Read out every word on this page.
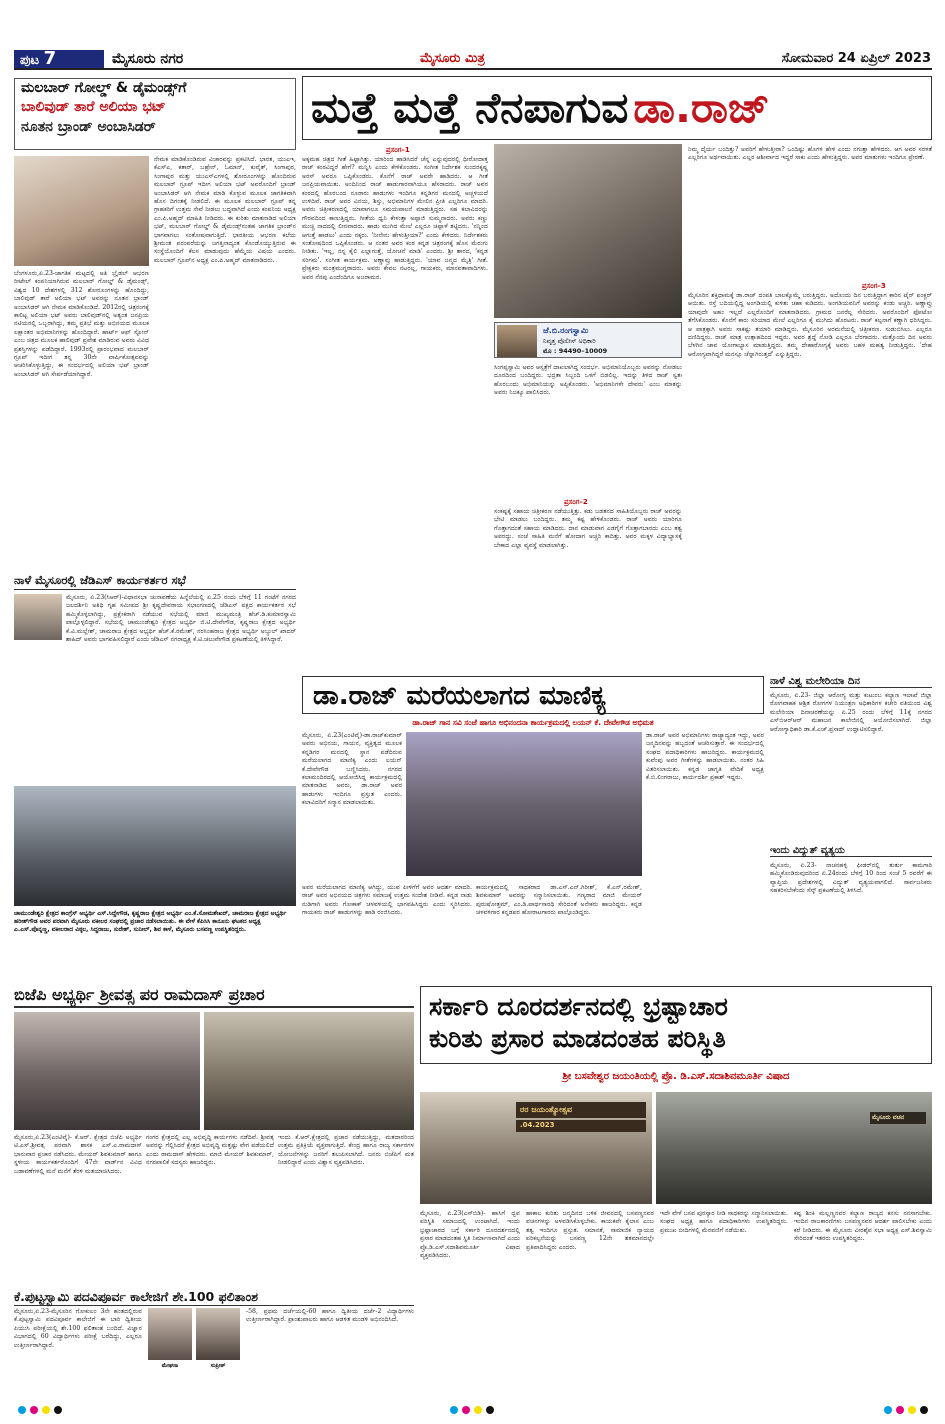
ಪುಟ 7	ಮೈಸೂರು ನಗರ	ಮೈಸೂರು ಮಿತ್ರ	ಸೋಮವಾರ 24 ಏಪ್ರಿಲ್ 2023
ಮಲಬಾರ್ ಗೋಲ್ಡ್ & ಡೈಮಂಡ್ಸ್‌ಗೆ
ಬಾಲಿವುಡ್ ತಾರೆ ಅಲಿಯಾ ಭಟ್
ನೂತನ ಬ್ರಾಂಡ್ ಅಂಬಾಸಿಡರ್
ಬೆಂಗಳೂರು,ಏ.23-ಜಾಗತಿಕ ಮಟ್ಟದಲ್ಲಿ ಅತಿ ಬ್ರೈಡಲ್ ಆಭರಣ ರೀಟೇಲ್ ಕಂಪನಿಯಾಗಿರುವ ಮಲಬಾರ್ ಗೋಲ್ಡ್ & ಡೈಮಂಡ್ಸ್, ವಿಶ್ವದ 10 ದೇಶಗಳಲ್ಲಿ 312 ಶೋರೂಂಗಳನ್ನು ಹೊಂದಿದ್ದು, ಬಾಲಿವುಡ್ ತಾರೆ ಅಲಿಯಾ ಭಟ್ ಅವರನ್ನು ನೂತನ ಬ್ರಾಂಡ್ ಅಂಬಾಸಿಡರ್ ಆಗಿ ನೇಮಕ ಮಾಡಿಕೊಂಡಿದೆ. 2012ರಲ್ಲಿ ಚಿತ್ರರಂಗಕ್ಕೆ ಕಾಲಿಟ್ಟ ಅಲಿಯಾ ಭಟ್ ಅವರು ಬಾಲಿವುಡ್‌ನಲ್ಲಿ ಅತ್ಯಂತ ಜನಪ್ರಿಯ ನಟಿಯರಲ್ಲಿ ಒಬ್ಬರಾಗಿದ್ದು, ತಮ್ಮ ಪ್ರತಿಭೆ ಮತ್ತು ಅಭಿನಯದ ಮೂಲಕ ಲಕ್ಷಾಂತರ ಅಭಿಮಾನಿಗಳನ್ನು ಹೊಂದಿದ್ದಾರೆ. ಹಾರ್ಟ್ ಆಫ್ ಸ್ಟೋನ್ ಎಂಬ ಚಿತ್ರದ ಮೂಲಕ ಹಾಲಿವುಡ್ ಪ್ರವೇಶ ಮಾಡಿರುವ ಅವರು ವಿವಿಧ ಪ್ರಶಸ್ತಿಗಳನ್ನು ಪಡೆದಿದ್ದಾರೆ. 1993ರಲ್ಲಿ ಪ್ರಾರಂಭವಾದ ಮಲಬಾರ್ ಗ್ರೂಪ್ ಇದೀಗ ತನ್ನ 30ನೇ ವಾರ್ಷಿಕೋತ್ಸವವನ್ನು ಆಚರಿಸಿಕೊಳ್ಳುತ್ತಿದ್ದು, ಈ ಸಂದರ್ಭದಲ್ಲಿ ಅಲಿಯಾ ಭಟ್ ಬ್ರಾಂಡ್ ಅಂಬಾಸಿಡರ್ ಆಗಿ ಸೇರ್ಪಡೆಯಾಗಿದ್ದಾರೆ.
ನೇಮಕ ಮಾಡಿಕೊಂಡಿರುವ ವಿಚಾರವನ್ನು ಪ್ರಕಟಿಸಿದೆ. ಭಾರತ, ಯುಎಇ, ಕೆಎಸ್‌ಎ, ಕತಾರ್, ಬಹ್ರೇನ್, ಓಮಾನ್, ಕುವೈತ್, ಸಿಂಗಾಪುರ, ಸಿಂಗಾಪುರ ಮತ್ತು ಯುಎಸ್‌ಎಗಳಲ್ಲಿ ಶೋರೂಂಗಳನ್ನು ಹೊಂದಿರುವ ಮಲಬಾರ್ ಗ್ರೂಪ್ ಇದೀಗ ಅಲಿಯಾ ಭಟ್ ಅವರೊಂದಿಗೆ ಬ್ರಾಂಡ್ ಅಂಬಾಸಿಡರ್ ಆಗಿ ನೇಮಕ ಮಾಡಿ ಕೊಳ್ಳುವ ಮೂಲಕ ಜಾಗತಿಕವಾಗಿ ಹೊಸ ದಿಗಂತಕ್ಕೆ ನೀಡಲಿದೆ. ಈ ಮೂಲಕ ಮಲಬಾರ್ ಗ್ರೂಪ್ ತನ್ನ ಗ್ರಾಹಕರಿಗೆ ಉತ್ತಮ ಸೇವೆ ನೀಡಲು ಬದ್ಧವಾಗಿದೆ ಎಂದು ಕಂಪನಿಯ ಅಧ್ಯಕ್ಷ ಎಂ.ಪಿ.ಅಹ್ಮದ್ ಮಾಹಿತಿ ನೀಡಿದರು. ಈ ಕುರಿತು ಮಾತನಾಡಿದ ಅಲಿಯಾ ಭಟ್, ಮಲಬಾರ್ ಗೋಲ್ಡ್ & ಡೈಮಂಡ್ಸ್‌ನಂತಹ ಜಾಗತಿಕ ಬ್ರಾಂಡ್‌ನ ಭಾಗವಾಗಲು ಸಂತೋಷವಾಗುತ್ತಿದೆ. ಭಾರತೀಯ ಆಭರಣ ಕಲೆಯ ಶ್ರೀಮಂತ ಪರಂಪರೆಯನ್ನು ಜಗತ್ತಿನಾದ್ಯಂತ ಕೊಂಡೊಯ್ಯುತ್ತಿರುವ ಈ ಸಂಸ್ಥೆಯೊಂದಿಗೆ ಕೆಲಸ ಮಾಡುವುದು ಹೆಮ್ಮೆಯ ವಿಷಯ ಎಂದರು. ಮಲಬಾರ್ ಗ್ರೂಪ್‌ನ ಅಧ್ಯಕ್ಷ ಎಂ.ಪಿ.ಅಹ್ಮದ್ ಮಾತನಾಡಿದರು.
ನಾಳೆ ಮೈಸೂರಲ್ಲಿ ಜೆಡಿಎಸ್ ಕಾರ್ಯಕರ್ತರ ಸಭೆ
ಮೈಸೂರು, ಏ.23(ಸಿಆರ್)-ವಿಧಾನಸಭಾ ಚುನಾವಣೆಯ ಹಿನ್ನೆಲೆಯಲ್ಲಿ ಏ.25 ರಂದು ಬೆಳಿಗ್ಗೆ 11 ಗಂಟೆಗೆ ನಗರದ ಜಲದರ್ಶಿನಿ ಅತಿಥಿ ಗೃಹ ಸಮೀಪದ ಶ್ರೀ ಕೃಷ್ಣದೇವರಾಯ ಸಭಾಂಗಣದಲ್ಲಿ ಜೆಡಿಎಸ್ ಪಕ್ಷದ ಕಾರ್ಯಕರ್ತರ ಸಭೆ ಹಮ್ಮಿಕೊಳ್ಳಲಾಗಿದ್ದು, ಪ್ರಕ್ಷೇಕರಾಗಿ ನಡೆಯುವ ಸಭೆಯಲ್ಲಿ ಮಾಜಿ ಮುಖ್ಯಮಂತ್ರಿ ಹೆಚ್.ಡಿ.ಕುಮಾರಸ್ವಾಮಿ ಪಾಲ್ಗೊಳ್ಳಲಿದ್ದಾರೆ. ಸಭೆಯಲ್ಲಿ ಚಾಮುಂಡೇಶ್ವರಿ ಕ್ಷೇತ್ರದ ಅಭ್ಯರ್ಥಿ ಜಿ.ಟಿ.ದೇವೇಗೌಡ, ಕೃಷ್ಣರಾಜ ಕ್ಷೇತ್ರದ ಅಭ್ಯರ್ಥಿ ಕೆ.ವಿ.ಮಲ್ಲೇಶ್, ಚಾಮರಾಜ ಕ್ಷೇತ್ರದ ಅಭ್ಯರ್ಥಿ ಹೆಚ್.ಕೆ.ರಮೇಶ್, ನರಸಿಂಹರಾಜ ಕ್ಷೇತ್ರದ ಅಭ್ಯರ್ಥಿ ಅಬ್ದುಲ್ ಖಾದರ್ ಶಾಹಿದ್ ಅವರು ಭಾಗವಹಿಸಲಿದ್ದಾರೆ ಎಂದು ಜೆಡಿಎಸ್ ನಗರಾಧ್ಯಕ್ಷ ಕೆ.ಟಿ.ಚಲುವೇಗೌಡ ಪ್ರಕಟಣೆಯಲ್ಲಿ ತಿಳಿಸಿದ್ದಾರೆ.
ಚಾಮುಂಡೇಶ್ವರಿ ಕ್ಷೇತ್ರದ ಕಾಂಗ್ರೆಸ್ ಅಭ್ಯರ್ಥಿ ಎಸ್.ಸಿದ್ದೇಗೌಡ, ಕೃಷ್ಣರಾಜ ಕ್ಷೇತ್ರದ ಅಭ್ಯರ್ಥಿ ಎಂ.ಕೆ.ಸೋಮಶೇಖರ್, ಚಾಮರಾಜ ಕ್ಷೇತ್ರದ ಅಭ್ಯರ್ಥಿ ಹರೀಶ್‌ಗೌಡ ಅವರ ಪರವಾಗಿ ಮೈಸೂರು ವಕೀಲರ ಸಂಘದಲ್ಲಿ ಪ್ರಚಾರ ನಡೆಸಲಾಯಿತು. ಈ ವೇಳೆ ಕೆಪಿಸಿಸಿ ಕಾನೂನು ಘಟಕದ ಅಧ್ಯಕ್ಷ ಎ.ಎಸ್.ಪೊನ್ನಣ್ಣ, ವಕೀಲರಾದ ವಿಠ್ಠಲ, ಸಿದ್ಧರಾಜು, ಸುರೇಶ್, ಸುನೀಲ್, ಶಿವ ಕಾಳೆ, ಮೈಸೂರು ಬಸವಣ್ಣ ಉಪಸ್ಥಿತರಿದ್ದರು.
ಮತ್ತೆ ಮತ್ತೆ ನೆನಪಾಗುವ ಡಾ.ರಾಜ್
ಪ್ರಸಂಗ–1
ಅಕ್ಕಮಹ ಚಿತ್ರದ ಗೀತೆ ಹಿಟ್ಟಾಗಿತ್ತು. ಯಾರಿಂದ ಹಾಡಿಸಿದರೆ ಚೆನ್ನ ಎನ್ನುವುದರಲ್ಲಿ ಧೀರೋದಾತ್ತ ರಾಜ್ ಕಂಠವಿದ್ದರೆ ಹೇಗೆ? ಮನ್ನಿಸಿ ಎಂದು ಕೇಳಿಕೊಂಡರು. ಸಂಗೀತ ನಿರ್ದೇಶಕ ಸುಂದರಕೃಷ್ಣ ಅರಸ್ ಅವರೂ ಒಪ್ಪಿಕೊಂಡರು. ಕೊನೆಗೆ ರಾಜ್ ಅವರೇ ಹಾಡಿದರು. ಆ ಗೀತೆ ಜನಪ್ರಿಯವಾಯಿತು. ಅಂದಿನಿಂದ ರಾಜ್ ಹಾಡುಗಾರನಾಗಿಯೂ ಹೆಸರಾದರು. ರಾಜ್ ಅವರ ಕಂಠದಲ್ಲಿ ಹೊರಬಂದ ನೂರಾರು ಹಾಡುಗಳು ಇಂದಿಗೂ ಕನ್ನಡಿಗರ ಮನದಲ್ಲಿ ಅಚ್ಚಳಿಯದೆ ಉಳಿದಿವೆ. ರಾಜ್ ಅವರ ವಿನಯ, ಶಿಸ್ತು, ಅಭಿಮಾನಿಗಳ ಮೇಲಿನ ಪ್ರೀತಿ ಎಲ್ಲರಿಗೂ ಮಾದರಿ. ಅವರು ಚಿತ್ರೀಕರಣದಲ್ಲಿ ಯಾವಾಗಲೂ ಸಮಯಪಾಲನೆ ಮಾಡುತ್ತಿದ್ದರು. ಸಹ ಕಲಾವಿದರನ್ನು ಗೌರವದಿಂದ ಕಾಣುತ್ತಿದ್ದರು. ಗೀತೆಯ ಧ್ವನಿ ಕೇಳುತ್ತಾ ಅಪ್ಪಾಜಿ ಸುಮ್ಮನಾದರು. ಅವರು ಕಣ್ಣು ಮುಚ್ಚಿ ನಾದದಲ್ಲಿ ಲೀನವಾದರು. ಹಾಡು ಮುಗಿದ ಮೇಲೆ ಎಲ್ಲರೂ ಚಪ್ಪಾಳೆ ತಟ್ಟಿದರು. 'ನನ್ನಿಂದ ಆಗುತ್ತೆ ಹಾಡಲು' ಎಂದು ನಕ್ಕರು. 'ನೀನೇನು ಹೇಳುತ್ತೀಯಾ?' ಎಂದು ಕೇಳಿದರು. ನಿರ್ದೇಶಕರು ಸಂತೋಷದಿಂದ ಒಪ್ಪಿಕೊಂಡರು. ಆ ನಂತರ ಅವರ ಕಂಠ ಕನ್ನಡ ಚಿತ್ರರಂಗಕ್ಕೆ ಹೊಸ ಮೆರುಗು ನೀಡಿತು. 'ಇಲ್ಲ, ನನ್ನ ಕೈಲಿ ಎಲ್ಲಾಗುತ್ತೆ, ಯೋಚನೆ ಮಾಡಿ' ಎಂದರು. ಶ್ರೀ ಶಾರದ, 'ಕನ್ನಡ ಸರಿಗಮ'. ಸಂಗೀತ ಕಾರ್ಯಕ್ರಮ. ಅಣ್ಣಾವ್ರು ಹಾಡುತ್ತಿದ್ದರು. 'ಯಾವ ಜನ್ಮದ ಮೈತ್ರಿ' ಗೀತೆ. ಪ್ರೇಕ್ಷಕರು ಮಂತ್ರಮುಗ್ಧರಾದರು. ಅವರು ಕೇವಲ ನಟರಲ್ಲ, ಗಾಯಕರು, ಮಾನವತಾವಾದಿಗಳು. ಅವರ ನೆನಪು ಎಂದೆಂದಿಗೂ ಅಜರಾಮರ.
ಜೆ.ಬಿ.ರಂಗಸ್ವಾಮಿ
ನಿವೃತ್ತ ಪೊಲೀಸ್ ಅಧಿಕಾರಿ
ಮೊ : 94490–10009
ಸಿಂಗಪ್ಪಸ್ವಾಮಿ ಅವರ ಆಸ್ಪತ್ರೆಗೆ ದಾಖಲಾಗಿದ್ದ ಸಂದರ್ಭ. ಅಭಿಮಾನಿಯೊಬ್ಬರು ಅವರನ್ನು ನೋಡಲು ದೂರದಿಂದ ಬಂದಿದ್ದರು. ಭದ್ರತಾ ಸಿಬ್ಬಂದಿ ಒಳಗೆ ಬಿಡಲಿಲ್ಲ. ಇದನ್ನು ತಿಳಿದ ರಾಜ್ ಸ್ವತಃ ಹೊರಬಂದು ಅಭಿಮಾನಿಯನ್ನು ಅಪ್ಪಿಕೊಂಡರು. 'ಅಭಿಮಾನಿಗಳೇ ದೇವರು' ಎಂಬ ಮಾತನ್ನು ಅವರು ನಿಜಕ್ಕೂ ಪಾಲಿಸಿದರು.
ಪ್ರಸಂಗ–2
ಸಂಕಷ್ಟಕ್ಕೆ ಸಹಾಯ ಚಿತ್ರೀಕರಣ ನಡೆಯುತ್ತಿತ್ತು. ಕಡು ಬಡತನದ ಸಾಹಿತಿಯೊಬ್ಬರು ರಾಜ್ ಅವರನ್ನು ಭೇಟಿ ಮಾಡಲು ಬಂದಿದ್ದರು. ತಮ್ಮ ಕಷ್ಟ ಹೇಳಿಕೊಂಡರು. ರಾಜ್ ಅವರು ಯಾರಿಗೂ ಗೊತ್ತಾಗದಂತೆ ಸಹಾಯ ಮಾಡಿದರು. ದಾನ ಮಾಡುವಾಗ ಎಡಗೈಗೆ ಗೊತ್ತಾಗಬಾರದು ಎಂಬ ತತ್ವ ಅವರದ್ದು. ಸಂಜೆ ಸಾಹಿತಿ ಮನೆಗೆ ಹೋದಾಗ ಅಚ್ಚರಿ ಕಾದಿತ್ತು. ಅವರ ಮಕ್ಕಳ ವಿದ್ಯಾಭ್ಯಾಸಕ್ಕೆ ಬೇಕಾದ ಎಲ್ಲಾ ವ್ಯವಸ್ಥೆ ಮಾಡಲಾಗಿತ್ತು.
ನಿಮ್ಮ ದೈರ್ಯ ಬಂದಿತ್ತು? ಅವರಿಗೆ ಹೇಳುತ್ತೀರಾ? ಒಂದಿಷ್ಟು ಹೊಗಳಿ ಹೇಳಿ ಎಂದು ನಗುತ್ತಾ ಹೇಳಿದರು. ಆಗ ಅವರ ಸರಳತೆ ಎಲ್ಲರಿಗೂ ಅರ್ಥವಾಯಿತು. ಎಲ್ಲರ ಆಶೀರ್ವಾದ ಇದ್ದರೆ ಸಾಕು ಎಂದು ಹೇಳುತ್ತಿದ್ದರು. ಅವರ ಮಾತುಗಳು ಇಂದಿಗೂ ಪ್ರೇರಣೆ.
ಪ್ರಸಂಗ–3
ಮೈಸೂರಿನ ಶಕ್ತಿಧಾಮಕ್ಕೆ ಡಾ.ರಾಜ್ ದಂಪತಿ ಬಾಲಕ್ಕೊಮ್ಮೆ ಬರುತ್ತಿದ್ದರು. ಅದೊಂದು ದಿನ ಬರುತ್ತಿದ್ದಾಗ ಕಾರಿನ ಟೈರ್ ಪಂಕ್ಚರ್ ಆಯಿತು. ರಸ್ತೆ ಬದಿಯಲ್ಲಿದ್ದ ಅಂಗಡಿಯಲ್ಲಿ ಕುಳಿತು ಚಹಾ ಕುಡಿದರು. ಅಂಗಡಿಯವನಿಗೆ ಅವರನ್ನು ಕಂಡು ಅಚ್ಚರಿ. ಅಣ್ಣಾವ್ರು ಯಾವುದೇ ಅಹಂ ಇಲ್ಲದೆ ಎಲ್ಲರೊಂದಿಗೆ ಮಾತನಾಡಿದರು. ಗ್ರಾಮದ ಜನರೆಲ್ಲ ಸೇರಿದರು. ಅವರೊಂದಿಗೆ ಫೋಟೋ ತೆಗೆಸಿಕೊಂಡರು. ಕೊನೆಗೆ ಕಾರು ಸರಿಯಾದ ಮೇಲೆ ಎಲ್ಲರಿಗೂ ಕೈ ಮುಗಿದು ಹೊರಟರು. ರಾಜ್ ಕಲ್ಪನಾಗೆ ಕಣ್ಣಾಗಿ ಧರಿಸಿದ್ದರು. ಆ ಪಾತ್ರಕ್ಕಾಗಿ ಅವರು ಸಾಕಷ್ಟು ತಯಾರಿ ಮಾಡಿದ್ದರು. ಮೈಸೂರಿನ ಅರಮನೆಯಲ್ಲಿ ಚಿತ್ರೀಕರಣ. ಸುಡುಬಿಸಿಲು. ಎಲ್ಲರೂ ದಣಿದಿದ್ದರು. ರಾಜ್ ಮಾತ್ರ ಉತ್ಸಾಹದಿಂದ ಇದ್ದರು. ಅವರ ಶ್ರದ್ಧೆ ನೋಡಿ ಎಲ್ಲರೂ ಬೆರಗಾದರು. ಮತ್ತೊಂದು ದಿನ ಅವರು ಬೆಳಗಿನ ಜಾವ ಯೋಗಾಭ್ಯಾಸ ಮಾಡುತ್ತಿದ್ದರು. ತಮ್ಮ ದೇಹಾರೋಗ್ಯಕ್ಕೆ ಅವರು ಬಹಳ ಮಹತ್ವ ನೀಡುತ್ತಿದ್ದರು. 'ದೇಹ ಆರೋಗ್ಯವಾಗಿದ್ದರೆ ಮನಸ್ಸೂ ಚೆನ್ನಾಗಿರುತ್ತದೆ' ಎನ್ನುತ್ತಿದ್ದರು.
ಡಾ.ರಾಜ್ ಮರೆಯಲಾಗದ ಮಾಣಿಕ್ಯ
ಡಾ.ರಾಜ್ ಗಾನ ಸವಿ ಸಂಜೆ ಹಾಗೂ ಅಭಿನಂದನಾ ಕಾರ್ಯಕ್ರಮದಲ್ಲಿ ಲಯನ್ ಕೆ. ದೇವೇಗೌಡ ಅಭಿಮತ
ಮೈಸೂರು, ಏ.23(ಎಂಟಿವೈ)-ಡಾ.ರಾಜ್‌ಕುಮಾರ್ ಅವರು ಅಭಿನಯ, ಗಾಯನ, ವ್ಯಕ್ತಿತ್ವದ ಮೂಲಕ ಕನ್ನಡಿಗರ ಮನದಲ್ಲಿ ಸ್ಥಾನ ಪಡೆದಿರುವ ಮರೆಯಲಾಗದ ಮಾಣಿಕ್ಯ ಎಂದು ಲಯನ್ ಕೆ.ದೇವೇಗೌಡ ಬಣ್ಣಿಸಿದರು. ನಗರದ ಕಲಾಮಂದಿರದಲ್ಲಿ ಆಯೋಜಿಸಿದ್ದ ಕಾರ್ಯಕ್ರಮದಲ್ಲಿ ಮಾತನಾಡಿದ ಅವರು, ಡಾ.ರಾಜ್ ಅವರ ಹಾಡುಗಳು ಇಂದಿಗೂ ಪ್ರಸ್ತುತ ಎಂದರು. ಕಲಾವಿದರಿಗೆ ಸನ್ಮಾನ ಮಾಡಲಾಯಿತು.
ಡಾ.ರಾಜ್ ಅವರ ಅಭಿಮಾನಿಗಳು ರಾಜ್ಯಾದ್ಯಂತ ಇದ್ದು, ಅವರ ಜನ್ಮದಿನವನ್ನು ಹಬ್ಬದಂತೆ ಆಚರಿಸುತ್ತಾರೆ. ಈ ಸಂದರ್ಭದಲ್ಲಿ ಸಂಘದ ಪದಾಧಿಕಾರಿಗಳು ಹಾಜರಿದ್ದರು. ಕಾರ್ಯಕ್ರಮದಲ್ಲಿ ಕುವೆಂಪು ಅವರ ಗೀತೆಗಳನ್ನು ಹಾಡಲಾಯಿತು. ನಂತರ ಸಿಹಿ ವಿತರಿಸಲಾಯಿತು. ಕನ್ನಡ ಜಾಗೃತಿ ವೇದಿಕೆ ಅಧ್ಯಕ್ಷ ಕೆ.ಬಿ.ಲಿಂಗರಾಜು, ಕಾರ್ಯದರ್ಶಿ ಪ್ರಕಾಶ್ ಇದ್ದರು.
ಅವರ ಮರೆಯಲಾಗದ ಮಾಣಿಕ್ಯ ಆಗಿದ್ದು, ಯುವ ಪೀಳಿಗೆಗೆ ಅವರ ಆದರ್ಶ ಮಾದರಿ. ರಾಜ್ ಅವರ ಅಭಿನಯದ ಚಿತ್ರಗಳು ಸಮಾಜಕ್ಕೆ ಉತ್ತಮ ಸಂದೇಶ ನೀಡಿವೆ. ಕನ್ನಡ ನಾಡು ನುಡಿಗಾಗಿ ಅವರು ಗೋಕಾಕ್ ಚಳವಳಿಯಲ್ಲಿ ಭಾಗವಹಿಸಿದ್ದರು ಎಂದು ಸ್ಮರಿಸಿದರು. ಗಾಯಕರು ರಾಜ್ ಹಾಡುಗಳನ್ನು ಹಾಡಿ ರಂಜಿಸಿದರು.
ಕಾರ್ಯಕ್ರಮದಲ್ಲಿ ಸಾಧಕರಾದ ಡಾ.ಎಸ್.ಎನ್.ಗಿರೀಶ್, ಕೆ.ಎನ್.ರಮೇಶ್, ಶಿವಕುಮಾರ್ ಅವರನ್ನು ಸನ್ಮಾನಿಸಲಾಯಿತು. ಗಣ್ಯರಾದ ಮಾಜಿ ಮೇಯರ್ ಪುರುಷೋತ್ತಮ್, ಎಂ.ಡಿ.ಪಾರ್ಥಸಾರಥಿ ಸೇರಿದಂತೆ ಅನೇಕರು ಹಾಜರಿದ್ದರು. ಕನ್ನಡ ಚಳವಳಿಗಾರ ಕನ್ನಡಪರ ಹೋರಾಟಗಾರರು ಪಾಲ್ಗೊಂಡಿದ್ದರು.
ನಾಳೆ ವಿಶ್ವ ಮಲೇರಿಯಾ ದಿನ
ಮೈಸೂರು, ಏ.23- ಜಿಲ್ಲಾ ಆರೋಗ್ಯ ಮತ್ತು ಕುಟುಂಬ ಕಲ್ಯಾಣ ಇಲಾಖೆ ಜಿಲ್ಲಾ ರೋಗವಾಹಕ ಆಶ್ರಿತ ರೋಗಗಳ ನಿಯಂತ್ರಣ ಅಧಿಕಾರಿಗಳ ಕಚೇರಿ ವತಿಯಿಂದ ವಿಶ್ವ ಮಲೇರಿಯಾ ದಿನಾಚರಣೆಯನ್ನು ಏ.25 ರಂದು ಬೆಳಿಗ್ಗೆ 11ಕ್ಕೆ ನಗರದ ಎಸ್‌ಬಿಆರ್‌ಆರ್ ಮಹಾಜನ ಕಾಲೇಜಿನಲ್ಲಿ ಆಯೋಜಿಸಲಾಗಿದೆ. ಜಿಲ್ಲಾ ಆರೋಗ್ಯಾಧಿಕಾರಿ ಡಾ.ಕೆ.ಎಚ್.ಪ್ರಸಾದ್ ಉದ್ಘಾಟಿಸಲಿದ್ದಾರೆ.
ಇಂದು ವಿದ್ಯುತ್ ವ್ಯತ್ಯಯ
ಮೈಸೂರು, ಏ.23- ನಾಚನಹಳ್ಳಿ ಫೀಡರ್‌ನಲ್ಲಿ ತುರ್ತು ಕಾಮಗಾರಿ ಹಮ್ಮಿಕೊಂಡಿರುವುದರಿಂದ ಏ.24ರಂದು ಬೆಳಿಗ್ಗೆ 10 ರಿಂದ ಸಂಜೆ 5 ರವರೆಗೆ ಈ ವ್ಯಾಪ್ತಿಯ ಪ್ರದೇಶಗಳಲ್ಲಿ ವಿದ್ಯುತ್ ವ್ಯತ್ಯಯವಾಗಲಿದೆ. ಸಾರ್ವಜನಿಕರು ಸಹಕರಿಸಬೇಕೆಂದು ಸೆಸ್ಕ್ ಪ್ರಕಟಣೆಯಲ್ಲಿ ತಿಳಿಸಿದೆ.
ಬಿಜೆಪಿ ಅಭ್ಯರ್ಥಿ ಶ್ರೀವತ್ಸ ಪರ ರಾಮದಾಸ್ ಪ್ರಚಾರ
ಮೈಸೂರು,ಏ.23(ಎಂಟಿವೈ)- ಕೆ.ಆರ್. ಕ್ಷೇತ್ರದ ಬಿಜೆಪಿ ಅಭ್ಯರ್ಥಿ ಟಿ.ಎಸ್.ಶ್ರೀವತ್ಸ ಪರವಾಗಿ ಶಾಸಕ ಎಸ್.ಎ.ರಾಮದಾಸ್ ಭಾನುವಾರ ಪ್ರಚಾರ ನಡೆಸಿದರು. ಮೇಯರ್ ಶಿವಕುಮಾರ್ ಹಾಗೂ ಸ್ಥಳೀಯ ಕಾರ್ಯಕರ್ತರೊಂದಿಗೆ 47ನೇ ವಾರ್ಡ್‌ನ ವಿವಿಧ ಬಡಾವಣೆಗಳಲ್ಲಿ ಮನೆ ಮನೆಗೆ ತೆರಳಿ ಮತಯಾಚಿಸಿದರು.
ಗಂಗರ ಕ್ಷೇತ್ರದಲ್ಲಿ ಎಲ್ಲ ಅಭಿವೃದ್ಧಿ ಕಾರ್ಯಗಳು ನಡೆದಿವೆ. ಶ್ರೀವತ್ಸ ಅವರನ್ನು ಗೆಲ್ಲಿಸಿದರೆ ಕ್ಷೇತ್ರದ ಅಭಿವೃದ್ಧಿ ಮತ್ತಷ್ಟು ವೇಗ ಪಡೆಯಲಿದೆ ಎಂದು ರಾಮದಾಸ್ ಹೇಳಿದರು. ಮಾಜಿ ಮೇಯರ್ ಶಿವಕುಮಾರ್, ನಗರಪಾಲಿಕೆ ಸದಸ್ಯರು ಹಾಜರಿದ್ದರು.
ಇಂದು ಕೆ.ಆರ್.ಕ್ಷೇತ್ರದಲ್ಲಿ ಪ್ರಚಾರ ನಡೆಯುತ್ತಿದ್ದು, ಮತದಾರರಿಂದ ಉತ್ತಮ ಪ್ರತಿಕ್ರಿಯೆ ವ್ಯಕ್ತವಾಗುತ್ತಿದೆ. ಕೇಂದ್ರ ಹಾಗೂ ರಾಜ್ಯ ಸರ್ಕಾರಗಳ ಯೋಜನೆಗಳನ್ನು ಜನರಿಗೆ ತಲುಪಿಸಲಾಗಿದೆ. ಜನರು ಬಿಜೆಪಿಗೆ ಮತ ನೀಡಲಿದ್ದಾರೆ ಎಂದು ವಿಶ್ವಾಸ ವ್ಯಕ್ತಪಡಿಸಿದರು.
ಕೆ.ಪುಟ್ಟಸ್ವಾಮಿ ಪದವಿಪೂರ್ವ ಕಾಲೇಜಿಗೆ ಶೇ.100 ಫಲಿತಾಂಶ
ಮೈಸೂರು,ಏ.23-ಮೈಸೂರಿನ ಗೋಕುಲಂ 3ನೇ ಹಂತದಲ್ಲಿರುವ ಕೆ.ಪುಟ್ಟಸ್ವಾಮಿ ಪದವಿಪೂರ್ವ ಕಾಲೇಜಿಗೆ ಈ ಬಾರಿ ದ್ವಿತೀಯ ಪಿಯುಸಿ ಪರೀಕ್ಷೆಯಲ್ಲಿ ಶೇ.100 ಫಲಿತಾಂಶ ಬಂದಿದೆ. ವಿಜ್ಞಾನ ವಿಭಾಗದಲ್ಲಿ 60 ವಿದ್ಯಾರ್ಥಿಗಳು ಪರೀಕ್ಷೆ ಬರೆದಿದ್ದು, ಎಲ್ಲರೂ ಉತ್ತೀರ್ಣರಾಗಿದ್ದಾರೆ.
ಮೇಘನಾ	ಸುಪ್ರೀತ್
-58, ಪ್ರಥಮ ದರ್ಜೆಯಲ್ಲಿ-60 ಹಾಗೂ ದ್ವಿತೀಯ ದರ್ಜೆ-2 ವಿದ್ಯಾರ್ಥಿಗಳು ಉತ್ತೀರ್ಣರಾಗಿದ್ದಾರೆ. ಪ್ರಾಂಶುಪಾಲರು ಹಾಗೂ ಆಡಳಿತ ಮಂಡಳಿ ಅಭಿನಂದಿಸಿದೆ.
ಸರ್ಕಾರಿ ದೂರದರ್ಶನದಲ್ಲಿ ಭ್ರಷ್ಟಾಚಾರ
ಕುರಿತು ಪ್ರಸಾರ ಮಾಡದಂತಹ ಪರಿಸ್ಥಿತಿ
ಶ್ರೀ ಬಸವೇಶ್ವರ ಜಯಂತಿಯಲ್ಲಿ ಪ್ರೊ. ಡಿ.ಎಸ್.ಸದಾಶಿವಮೂರ್ತಿ ವಿಷಾದ
ರರ ಜಯಂತ್ಯೋತ್ಸವ
.04.2023
ಮೈಸೂರು ವಚನ
ಮೈಸೂರು, ಏ.23(ಎಸ್‌ಬಿಡಿ)- ಹಾಸಿಗೆ ದ್ಭವ ಪರಿಸ್ಥಿತಿ ಸಮಾಜದಲ್ಲಿ ಉಂಟಾಗಿದೆ. ಇಂದು ಭ್ರಷ್ಟಾಚಾರದ ಬಗ್ಗೆ ಸರ್ಕಾರಿ ದೂರದರ್ಶನದಲ್ಲಿ ಪ್ರಸಾರ ಮಾಡದಂತಹ ಸ್ಥಿತಿ ನಿರ್ಮಾಣವಾಗಿದೆ ಎಂದು ಪ್ರೊ.ಡಿ.ಎಸ್.ಸದಾಶಿವಮೂರ್ತಿ ವಿಷಾದ ವ್ಯಕ್ತಪಡಿಸಿದರು.
ಹಾಕಾಲ ಕುರಿತು ಜನ್ಮದಿನದ ಬಳಿಕ ಜೀವನದಲ್ಲಿ ಬಸವಣ್ಣನವರ ವಚನಗಳನ್ನು ಅಳವಡಿಸಿಕೊಳ್ಳಬೇಕು. ಕಾಯಕವೇ ಕೈಲಾಸ ಎಂಬ ತತ್ವ ಇಂದಿಗೂ ಪ್ರಸ್ತುತ. ಸಮಾನತೆ, ಸಾಮಾಜಿಕ ನ್ಯಾಯದ ಪರಿಕಲ್ಪನೆಯನ್ನು ಬಸವಣ್ಣ 12ನೇ ಶತಮಾನದಲ್ಲೇ ಪ್ರತಿಪಾದಿಸಿದ್ದರು ಎಂದರು.
ಇದೇ ವೇಳೆ ಬಸವ ಪುರಸ್ಕಾರ ನೀಡಿ ಸಾಧಕರನ್ನು ಸನ್ಮಾನಿಸಲಾಯಿತು. ಸಂಘದ ಅಧ್ಯಕ್ಷ ಹಾಗೂ ಪದಾಧಿಕಾರಿಗಳು ಉಪಸ್ಥಿತರಿದ್ದರು. ಪ್ರಮುಖ ಬೀದಿಗಳಲ್ಲಿ ಮೆರವಣಿಗೆ ನಡೆಯಿತು.
ಕಷ್ಟ ಶಿಂಕಿ ಮಲ್ಲಣ್ಣನವರ ಕಲ್ಯಾಣ ರಾಜ್ಯದ ಕನಸು ನನಸಾಗಬೇಕು. ಇಂದಿನ ರಾಜಕಾರಣಿಗಳು ಬಸವಣ್ಣನವರ ಆದರ್ಶ ಪಾಲಿಸಬೇಕು ಎಂದು ಕರೆ ನೀಡಿದರು. ಈ ಮೈಸೂರು ವೀರಶೈವ ಸಭಾ ಅಧ್ಯಕ್ಷ ಎಸ್.ಶಿವಸ್ವಾಮಿ ಸೇರಿದಂತೆ ಇತರರು ಉಪಸ್ಥಿತರಿದ್ದರು.
